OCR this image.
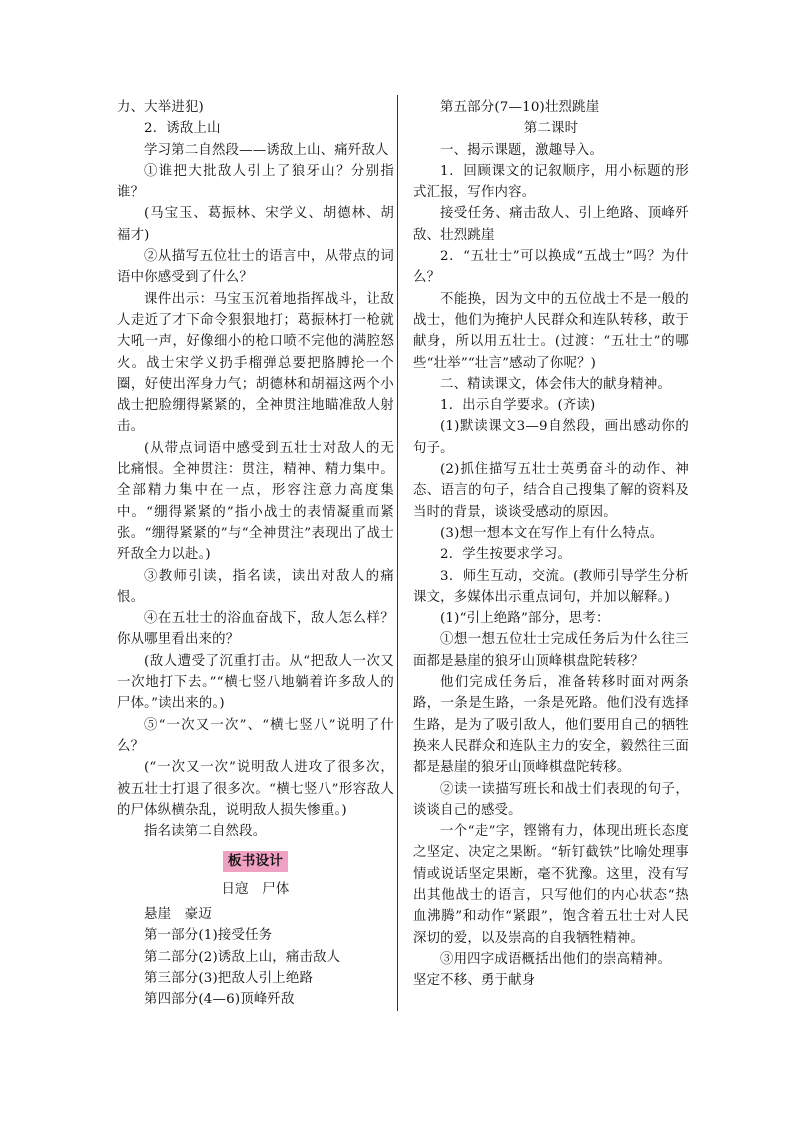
力、大举进犯)

2．诱敌上山

学习第二自然段——诱敌上山、痛歼敌人

①谁把大批敌人引上了狼牙山？分别指谁？

(马宝玉、葛振林、宋学义、胡德林、胡福才)

②从描写五位壮士的语言中，从带点的词语中你感受到了什么？

课件出示：马宝玉沉着地指挥战斗，让敌人走近了才下命令狠狠地打；葛振林打一枪就大吼一声，好像细小的枪口喷不完他的满腔怒火。战士宋学义扔手榴弹总要把胳膊抡一个圈，好使出浑身力气；胡德林和胡福这两个小战士把脸绷得紧紧的，全神贯注地瞄准敌人射击。

(从带点词语中感受到五壮士对敌人的无比痛恨。全神贯注：贯注，精神、精力集中。全部精力集中在一点，形容注意力高度集中。“绷得紧紧的”指小战士的表情凝重而紧张。“绷得紧紧的”与“全神贯注”表现出了战士歼敌全力以赴。)

③教师引读，指名读，读出对敌人的痛恨。

④在五壮士的浴血奋战下，敌人怎么样？你从哪里看出来的？

(敌人遭受了沉重打击。从“把敌人一次又一次地打下去。”“横七竖八地躺着许多敌人的尸体。”读出来的。)

⑤“一次又一次”、“横七竖八”说明了什么？

(“一次又一次”说明敌人进攻了很多次，被五壮士打退了很多次。“横七竖八”形容敌人的尸体纵横杂乱，说明敌人损失惨重。)

指名读第二自然段。

板书设计

日寇　尸体

悬崖　豪迈

第一部分(1)接受任务

第二部分(2)诱敌上山，痛击敌人

第三部分(3)把敌人引上绝路

第四部分(4—6)顶峰歼敌

第五部分(7—10)壮烈跳崖

第二课时

一、揭示课题，激趣导入。

1．回顾课文的记叙顺序，用小标题的形式汇报，写作内容。

接受任务、痛击敌人、引上绝路、顶峰歼敌、壮烈跳崖

2．“五壮士”可以换成“五战士”吗？为什么？

不能换，因为文中的五位战士不是一般的战士，他们为掩护人民群众和连队转移，敢于献身，所以用五壮士。(过渡：“五壮士”的哪些“壮举”“壮言”感动了你呢？)

二、精读课文，体会伟大的献身精神。

1．出示自学要求。(齐读)

(1)默读课文3—9自然段，画出感动你的句子。

(2)抓住描写五壮士英勇奋斗的动作、神态、语言的句子，结合自己搜集了解的资料及当时的背景，谈谈受感动的原因。

(3)想一想本文在写作上有什么特点。

2．学生按要求学习。

3．师生互动，交流。(教师引导学生分析课文，多媒体出示重点词句，并加以解释。)

(1)“引上绝路”部分，思考：

①想一想五位壮士完成任务后为什么往三面都是悬崖的狼牙山顶峰棋盘陀转移？

他们完成任务后，准备转移时面对两条路，一条是生路，一条是死路。他们没有选择生路，是为了吸引敌人，他们要用自己的牺牲换来人民群众和连队主力的安全，毅然往三面都是悬崖的狼牙山顶峰棋盘陀转移。

②读一读描写班长和战士们表现的句子，谈谈自己的感受。

一个“走”字，铿锵有力，体现出班长态度之坚定、决定之果断。“斩钉截铁”比喻处理事情或说话坚定果断，毫不犹豫。这里，没有写出其他战士的语言，只写他们的内心状态“热血沸腾”和动作“紧跟”，饱含着五壮士对人民深切的爱，以及崇高的自我牺牲精神。

③用四字成语概括出他们的崇高精神。

坚定不移、勇于献身
